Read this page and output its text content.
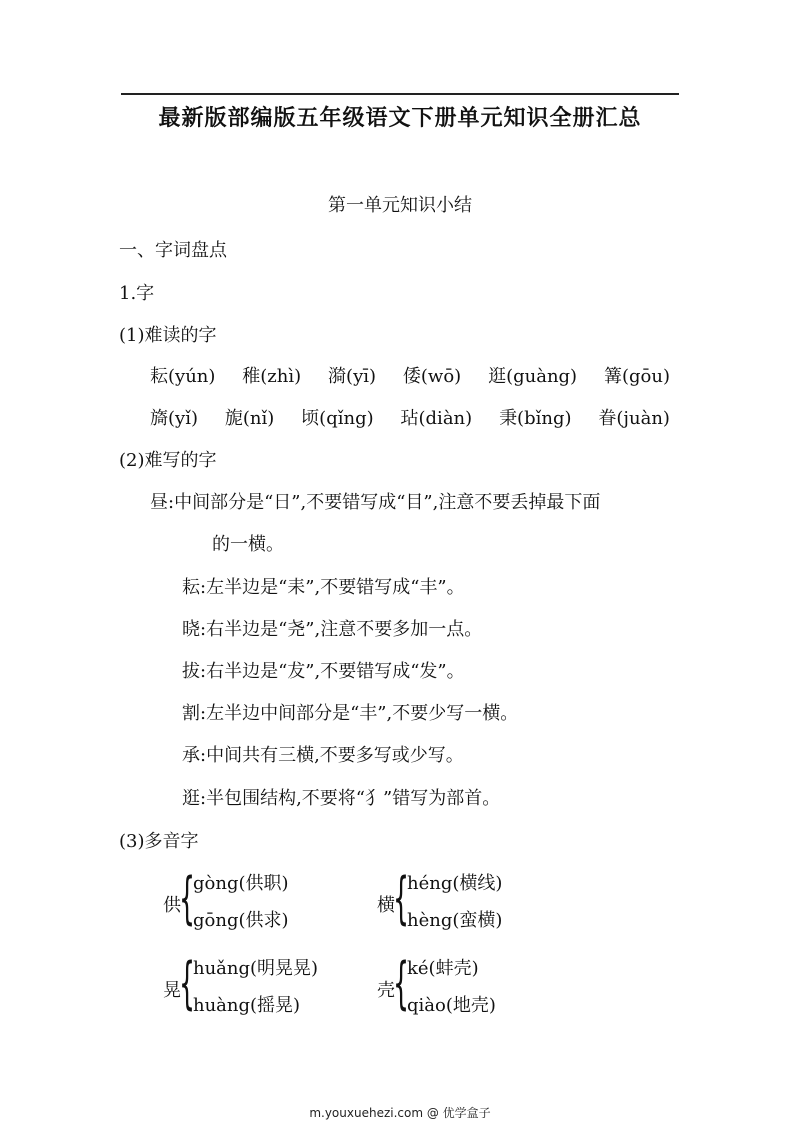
最新版部编版五年级语文下册单元知识全册汇总
第一单元知识小结
一、字词盘点
1.字
(1)难读的字
耘(yún) 稚(zhì) 漪(yī) 倭(wō) 逛(guàng) 篝(gōu)
旖(yǐ) 旎(nǐ) 顷(qǐng) 玷(diàn) 秉(bǐng) 眷(juàn)
(2)难写的字
昼:中间部分是“日”,不要错写成“目”,注意不要丢掉最下面
的一横。
耘:左半边是“耒”,不要错写成“丰”。
晓:右半边是“尧”,注意不要多加一点。
拔:右半边是“犮”,不要错写成“发”。
割:左半边中间部分是“丰”,不要少写一横。
承:中间共有三横,不要多写或少写。
逛:半包围结构,不要将“犭”错写为部首。
(3)多音字
供
{
gòng(供职)
gōng(供求)
横
{
héng(横线)
hèng(蛮横)
晃
{
huǎng(明晃晃)
huàng(摇晃)
壳
{
ké(蚌壳)
qiào(地壳)
m.youxuehezi.com @ 优学盒子
